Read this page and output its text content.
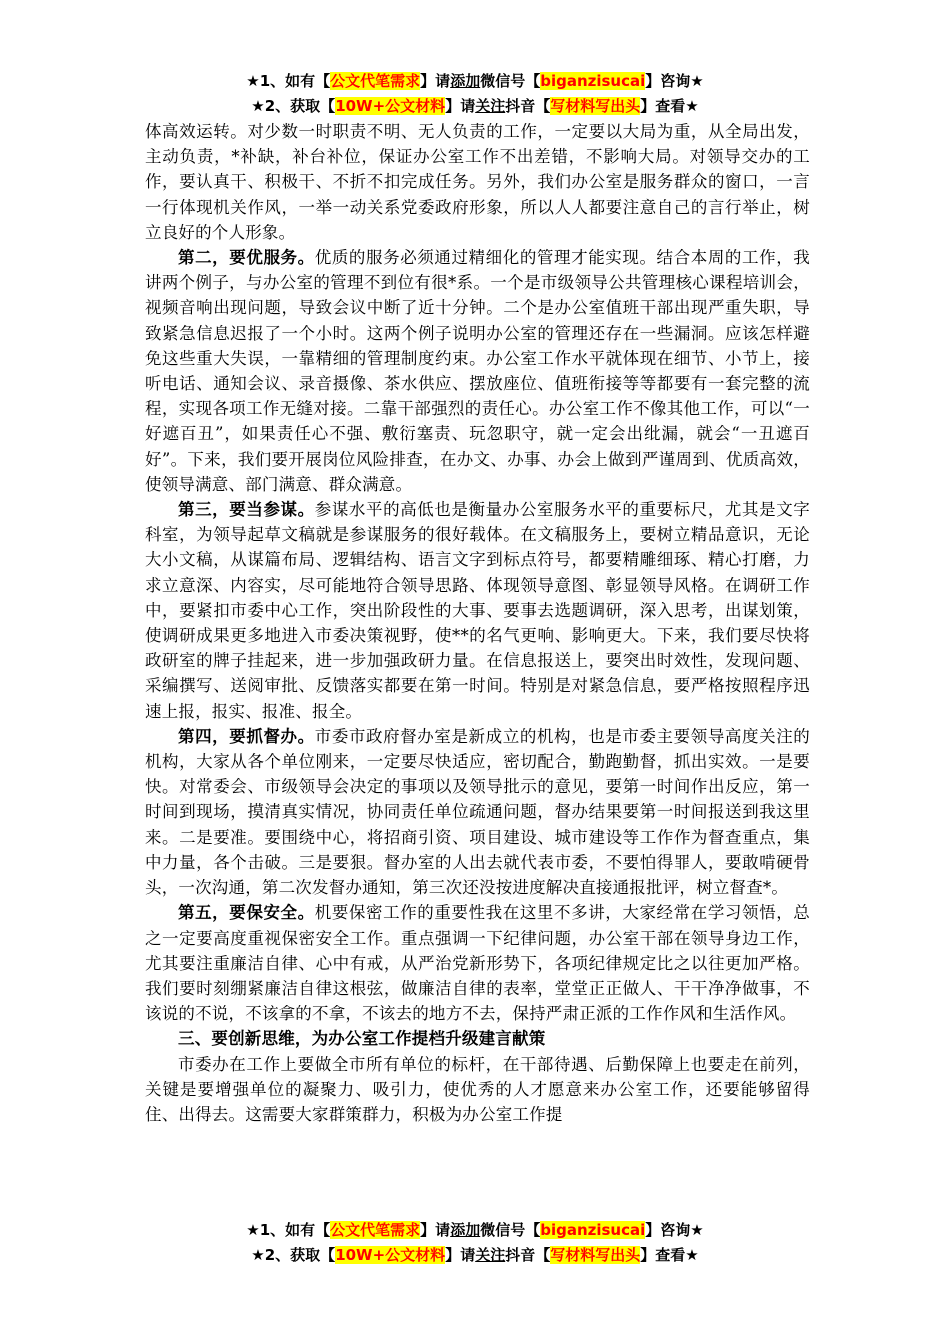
★1、如有【公文代笔需求】请添加微信号【biganzisucai】咨询★
★2、获取【10W+公文材料】请关注抖音【写材料写出头】查看★

体高效运转。对少数一时职责不明、无人负责的工作，一定要以大局为重，从全局出发，主动负责，*补缺，补台补位，保证办公室工作不出差错，不影响大局。对领导交办的工作，要认真干、积极干、不折不扣完成任务。另外，我们办公室是服务群众的窗口，一言一行体现机关作风，一举一动关系党委政府形象，所以人人都要注意自己的言行举止，树立良好的个人形象。

第二，要优服务。优质的服务必须通过精细化的管理才能实现。结合本周的工作，我讲两个例子，与办公室的管理不到位有很*系。一个是市级领导公共管理核心课程培训会，视频音响出现问题，导致会议中断了近十分钟。二个是办公室值班干部出现严重失职，导致紧急信息迟报了一个小时。这两个例子说明办公室的管理还存在一些漏洞。应该怎样避免这些重大失误，一靠精细的管理制度约束。办公室工作水平就体现在细节、小节上，接听电话、通知会议、录音摄像、茶水供应、摆放座位、值班衔接等等都要有一套完整的流程，实现各项工作无缝对接。二靠干部强烈的责任心。办公室工作不像其他工作，可以“一好遮百丑”，如果责任心不强、敷衍塞责、玩忽职守，就一定会出纰漏，就会“一丑遮百好”。下来，我们要开展岗位风险排查，在办文、办事、办会上做到严谨周到、优质高效，使领导满意、部门满意、群众满意。

第三，要当参谋。参谋水平的高低也是衡量办公室服务水平的重要标尺，尤其是文字科室，为领导起草文稿就是参谋服务的很好载体。在文稿服务上，要树立精品意识，无论大小文稿，从谋篇布局、逻辑结构、语言文字到标点符号，都要精雕细琢、精心打磨，力求立意深、内容实，尽可能地符合领导思路、体现领导意图、彰显领导风格。在调研工作中，要紧扣市委中心工作，突出阶段性的大事、要事去选题调研，深入思考，出谋划策，使调研成果更多地进入市委决策视野，使**的名气更响、影响更大。下来，我们要尽快将政研室的牌子挂起来，进一步加强政研力量。在信息报送上，要突出时效性，发现问题、采编撰写、送阅审批、反馈落实都要在第一时间。特别是对紧急信息，要严格按照程序迅速上报，报实、报准、报全。

第四，要抓督办。市委市政府督办室是新成立的机构，也是市委主要领导高度关注的机构，大家从各个单位刚来，一定要尽快适应，密切配合，勤跑勤督，抓出实效。一是要快。对常委会、市级领导会决定的事项以及领导批示的意见，要第一时间作出反应，第一时间到现场，摸清真实情况，协同责任单位疏通问题，督办结果要第一时间报送到我这里来。二是要准。要围绕中心，将招商引资、项目建设、城市建设等工作作为督查重点，集中力量，各个击破。三是要狠。督办室的人出去就代表市委，不要怕得罪人，要敢啃硬骨头，一次沟通，第二次发督办通知，第三次还没按进度解决直接通报批评，树立督查*。

第五，要保安全。机要保密工作的重要性我在这里不多讲，大家经常在学习领悟，总之一定要高度重视保密安全工作。重点强调一下纪律问题，办公室干部在领导身边工作，尤其要注重廉洁自律、心中有戒，从严治党新形势下，各项纪律规定比之以往更加严格。我们要时刻绷紧廉洁自律这根弦，做廉洁自律的表率，堂堂正正做人、干干净净做事，不该说的不说，不该拿的不拿，不该去的地方不去，保持严肃正派的工作作风和生活作风。

三、要创新思维，为办公室工作提档升级建言献策

市委办在工作上要做全市所有单位的标杆，在干部待遇、后勤保障上也要走在前列，关键是要增强单位的凝聚力、吸引力，使优秀的人才愿意来办公室工作，还要能够留得住、出得去。这需要大家群策群力，积极为办公室工作提

★1、如有【公文代笔需求】请添加微信号【biganzisucai】咨询★
★2、获取【10W+公文材料】请关注抖音【写材料写出头】查看★
